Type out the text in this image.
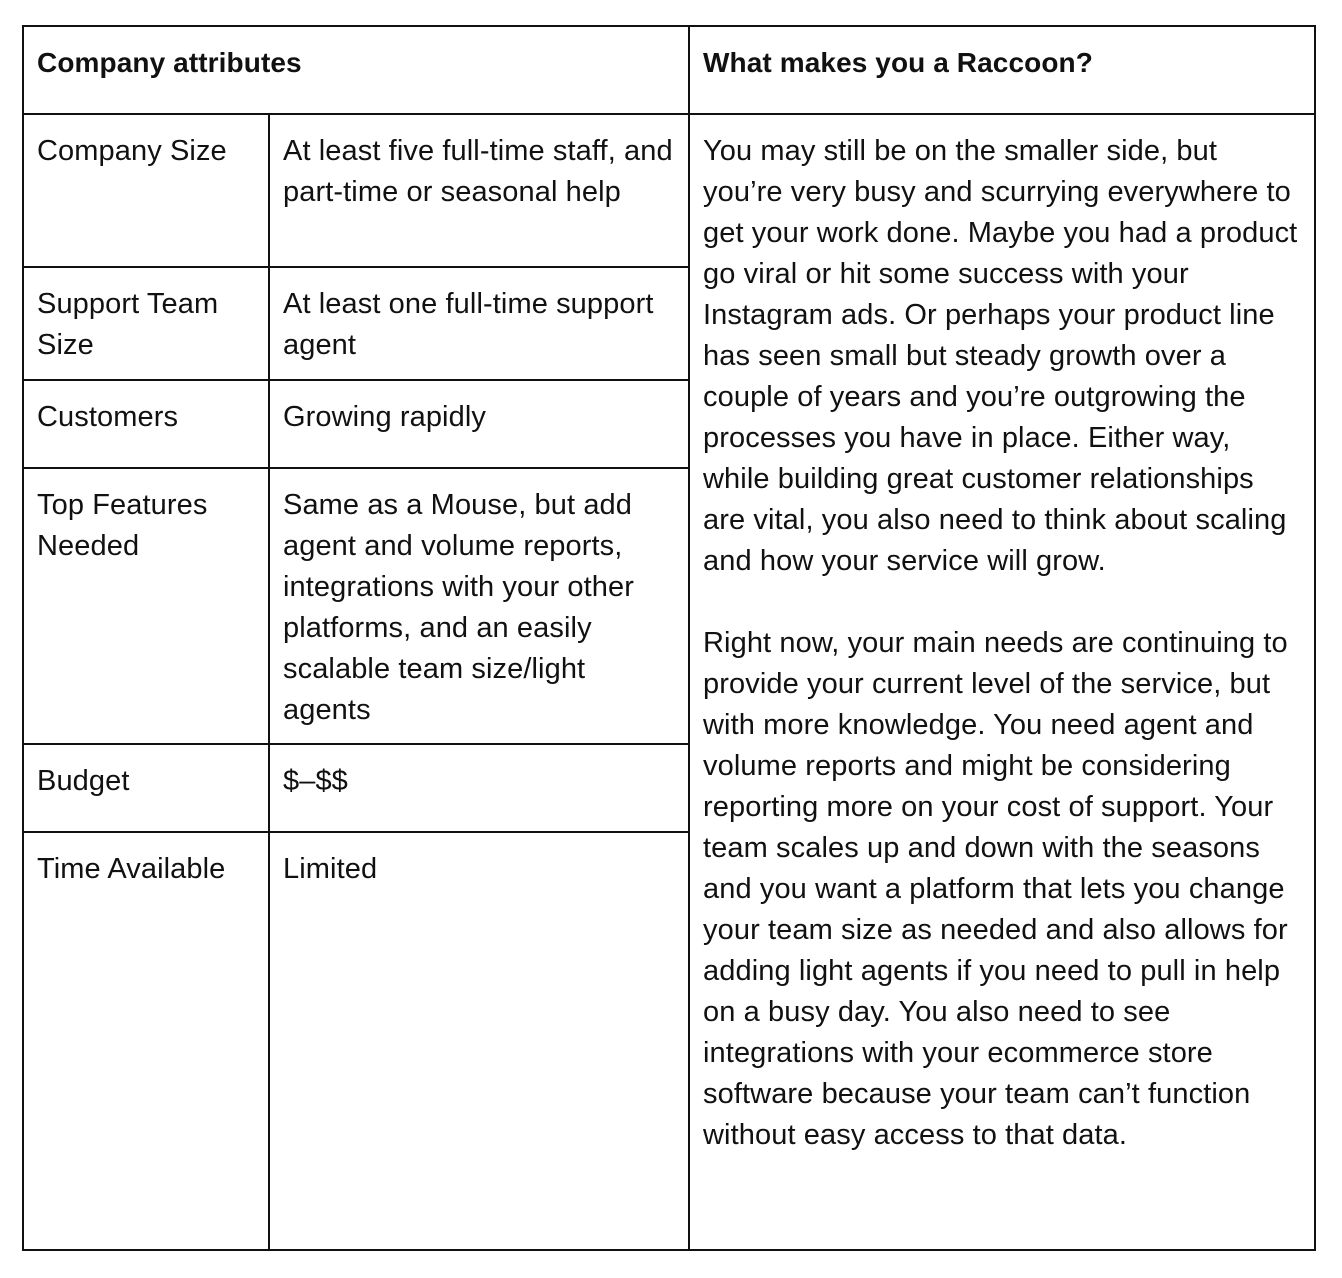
Company attributes		What makes you a Raccoon?
Company Size	At least five full-time staff, and part-time or seasonal help	You may still be on the smaller side, but you’re very busy and scurrying everywhere to get your work done. Maybe you had a product go viral or hit some success with your Instagram ads. Or perhaps your product line has seen small but steady growth over a couple of years and you’re outgrowing the processes you have in place. Either way, while building great customer relationships are vital, you also need to think about scaling and how your service will grow.

Right now, your main needs are continuing to provide your current level of the service, but with more knowledge. You need agent and volume reports and might be considering reporting more on your cost of support. Your team scales up and down with the seasons and you want a platform that lets you change your team size as needed and also allows for adding light agents if you need to pull in help on a busy day. You also need to see integrations with your ecommerce store software because your team can’t function without easy access to that data.

Support Team Size	At least one full-time support agent	
Customers	Growing rapidly	
Top Features Needed	Same as a Mouse, but add agent and volume reports, integrations with your other platforms, and an easily scalable team size/light agents	
Budget	$–$$	
Time Available	Limited	
